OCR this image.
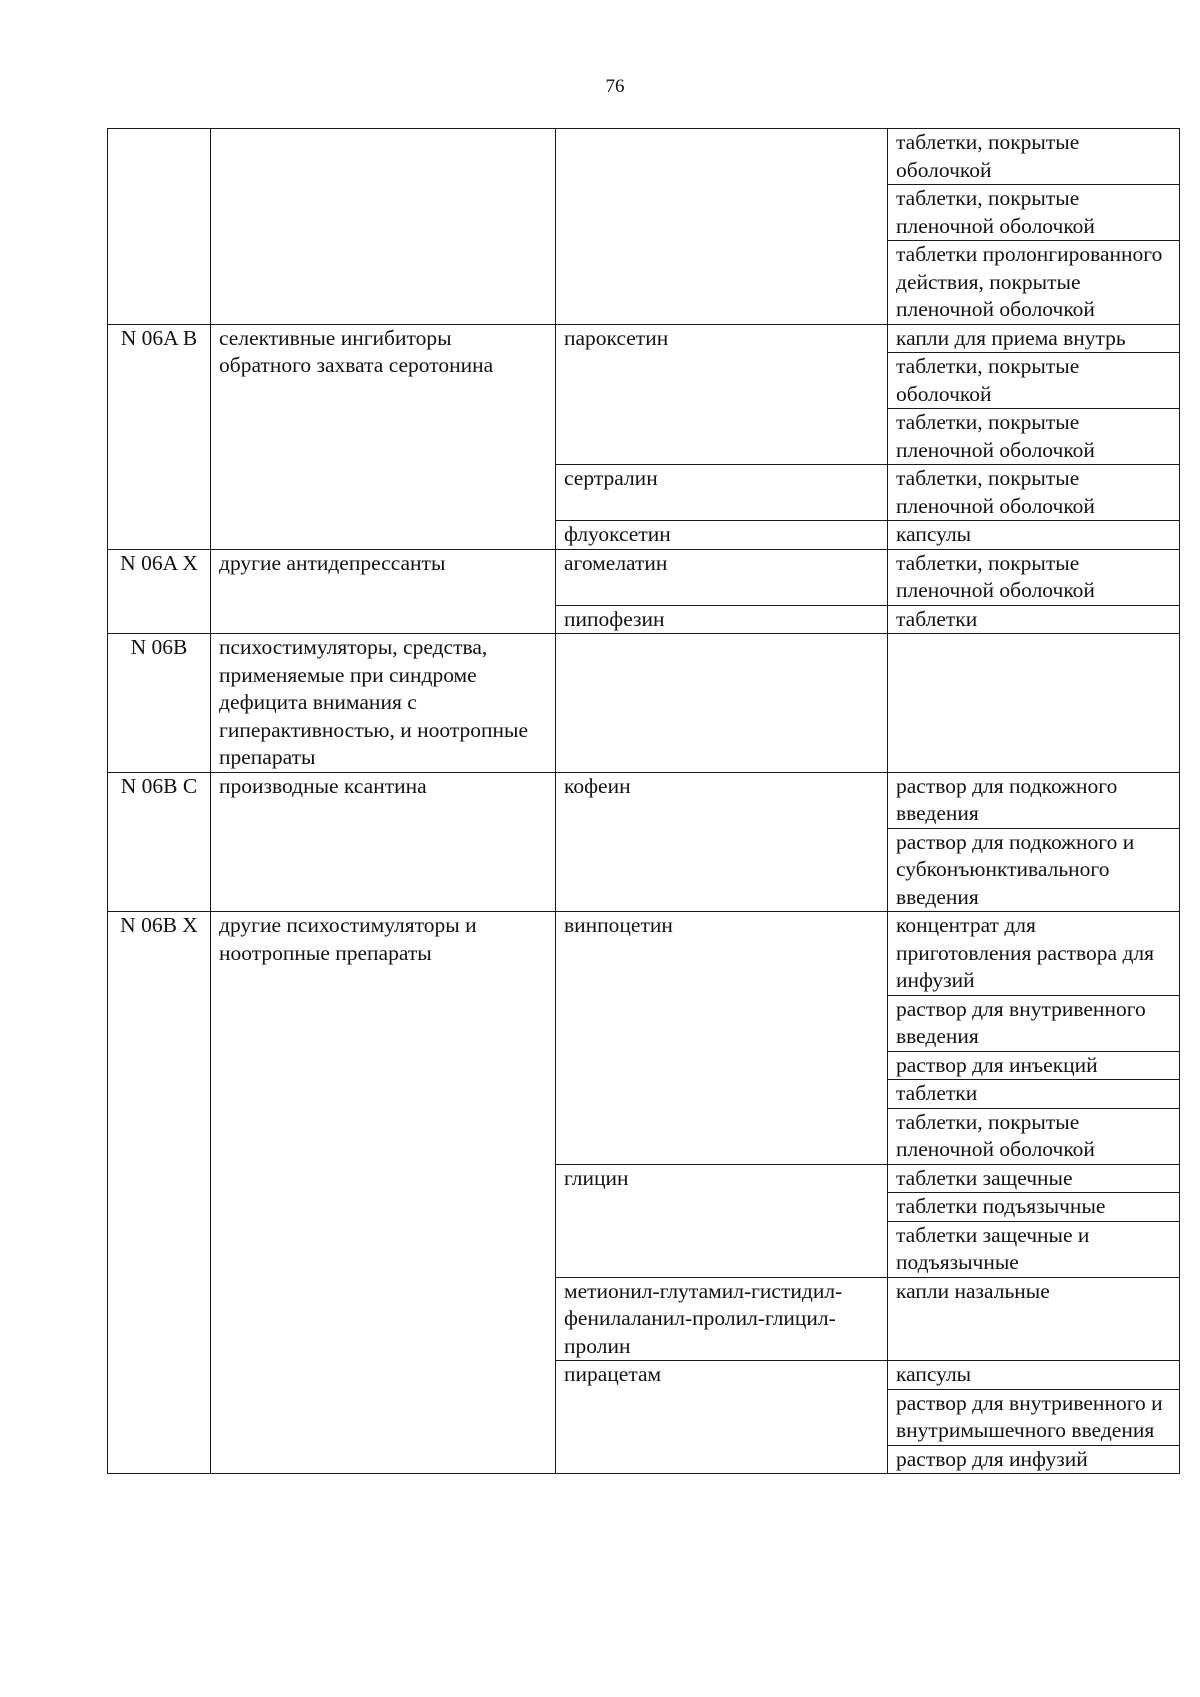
76
			таблетки, покрытые оболочкой
			таблетки, покрытые пленочной оболочкой
			таблетки пролонгированного действия, покрытые пленочной оболочкой
N 06A B	селективные ингибиторы обратного захвата серотонина	пароксетин	капли для приема внутрь
			таблетки, покрытые оболочкой
			таблетки, покрытые пленочной оболочкой
		сертралин	таблетки, покрытые пленочной оболочкой
		флуоксетин	капсулы
N 06A X	другие антидепрессанты	агомелатин	таблетки, покрытые пленочной оболочкой
		пипофезин	таблетки
N 06B	психостимуляторы, средства, применяемые при синдроме дефицита внимания с гиперактивностью, и ноотропные препараты		
N 06B C	производные ксантина	кофеин	раствор для подкожного введения
			раствор для подкожного и субконъюнктивального введения
N 06B X	другие психостимуляторы и ноотропные препараты	винпоцетин	концентрат для приготовления раствора для инфузий
			раствор для внутривенного введения
			раствор для инъекций
			таблетки
			таблетки, покрытые пленочной оболочкой
		глицин	таблетки защечные
			таблетки подъязычные
			таблетки защечные и подъязычные
		метионил-глутамил-гистидил-фенилаланил-пролил-глицил-пролин	капли назальные
		пирацетам	капсулы
			раствор для внутривенного и внутримышечного введения
			раствор для инфузий
